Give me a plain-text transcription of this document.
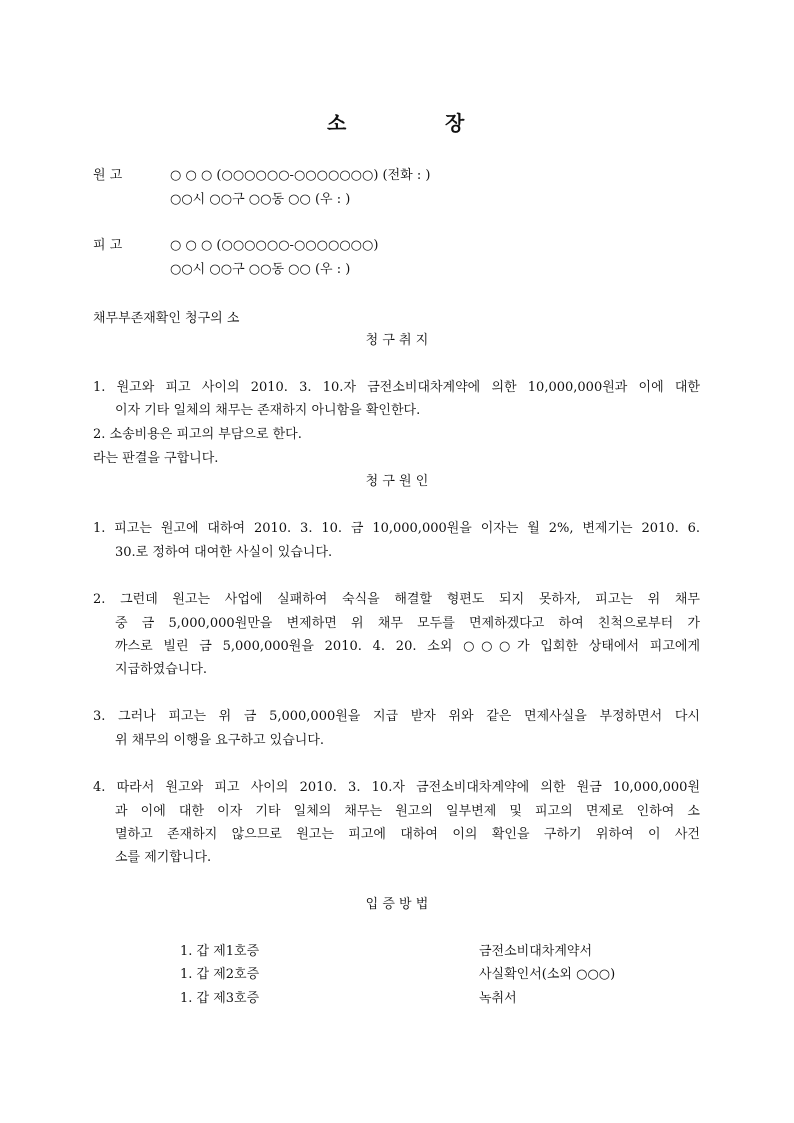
소	장
원 고	○ ○ ○ (○○○○○○-○○○○○○○) (전화 : )
○○시 ○○구 ○○동 ○○ (우 : )
피 고	○ ○ ○ (○○○○○○-○○○○○○○)
○○시 ○○구 ○○동 ○○ (우 : )
채무부존재확인 청구의 소
청 구 취 지
1. 원고와 피고 사이의 2010. 3. 10.자 금전소비대차계약에 의한 10,000,000원과 이에 대한
이자 기타 일체의 채무는 존재하지 아니함을 확인한다.
2. 소송비용은 피고의 부담으로 한다.
라는 판결을 구합니다.
청 구 원 인
1. 피고는 원고에 대하여 2010. 3. 10. 금 10,000,000원을 이자는 월 2%, 변제기는 2010. 6.
30.로 정하여 대여한 사실이 있습니다.
2. 그런데 원고는 사업에 실패하여 숙식을 해결할 형편도 되지 못하자, 피고는 위 채무
중 금 5,000,000원만을 변제하면 위 채무 모두를 면제하겠다고 하여 친척으로부터 가
까스로 빌린 금 5,000,000원을 2010. 4. 20. 소외 ○○○가 입회한 상태에서 피고에게
지급하였습니다.
3. 그러나 피고는 위 금 5,000,000원을 지급 받자 위와 같은 면제사실을 부정하면서 다시
위 채무의 이행을 요구하고 있습니다.
4. 따라서 원고와 피고 사이의 2010. 3. 10.자 금전소비대차계약에 의한 원금 10,000,000원
과 이에 대한 이자 기타 일체의 채무는 원고의 일부변제 및 피고의 면제로 인하여 소
멸하고 존재하지 않으므로 원고는 피고에 대하여 이의 확인을 구하기 위하여 이 사건
소를 제기합니다.
입 증 방 법
1. 갑 제1호증	금전소비대차계약서
1. 갑 제2호증	사실확인서(소외 ○○○)
1. 갑 제3호증	녹취서
